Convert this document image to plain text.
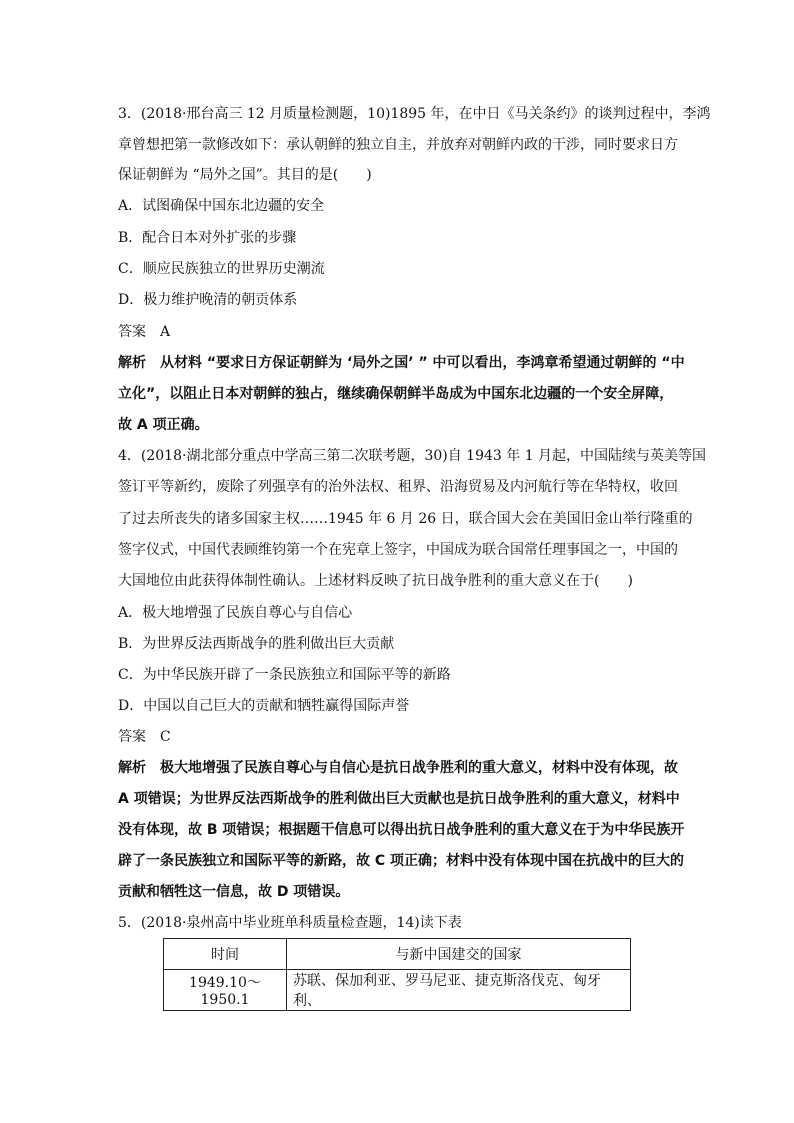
3．(2018·邢台高三 12 月质量检测题，10)1895 年，在中日《马关条约》的谈判过程中，李鸿
章曾想把第一款修改如下：承认朝鲜的独立自主，并放弃对朝鲜内政的干涉，同时要求日方
保证朝鲜为 “局外之国”。其目的是(　　)
A．试图确保中国东北边疆的安全
B．配合日本对外扩张的步骤
C．顺应民族独立的世界历史潮流
D．极力维护晚清的朝贡体系
答案　A
解析　从材料 “要求日方保证朝鲜为 ‘局外之国’ ” 中可以看出，李鸿章希望通过朝鲜的 “中
立化”，以阻止日本对朝鲜的独占，继续确保朝鲜半岛成为中国东北边疆的一个安全屏障，
故 A 项正确。
4．(2018·湖北部分重点中学高三第二次联考题，30)自 1943 年 1 月起，中国陆续与英美等国
签订平等新约，废除了列强享有的治外法权、租界、沿海贸易及内河航行等在华特权，收回
了过去所丧失的诸多国家主权……1945 年 6 月 26 日，联合国大会在美国旧金山举行隆重的
签字仪式，中国代表顾维钧第一个在宪章上签字，中国成为联合国常任理事国之一，中国的
大国地位由此获得体制性确认。上述材料反映了抗日战争胜利的重大意义在于(　　)
A．极大地增强了民族自尊心与自信心
B．为世界反法西斯战争的胜利做出巨大贡献
C．为中华民族开辟了一条民族独立和国际平等的新路
D．中国以自己巨大的贡献和牺牲赢得国际声誉
答案　C
解析　极大地增强了民族自尊心与自信心是抗日战争胜利的重大意义，材料中没有体现，故
A 项错误；为世界反法西斯战争的胜利做出巨大贡献也是抗日战争胜利的重大意义，材料中
没有体现，故 B 项错误；根据题干信息可以得出抗日战争胜利的重大意义在于为中华民族开
辟了一条民族独立和国际平等的新路，故 C 项正确；材料中没有体现中国在抗战中的巨大的
贡献和牺牲这一信息，故 D 项错误。
5．(2018·泉州高中毕业班单科质量检查题，14)读下表
时间	与新中国建交的国家
1949.10～1950.1	苏联、保加利亚、罗马尼亚、捷克斯洛伐克、匈牙利、
